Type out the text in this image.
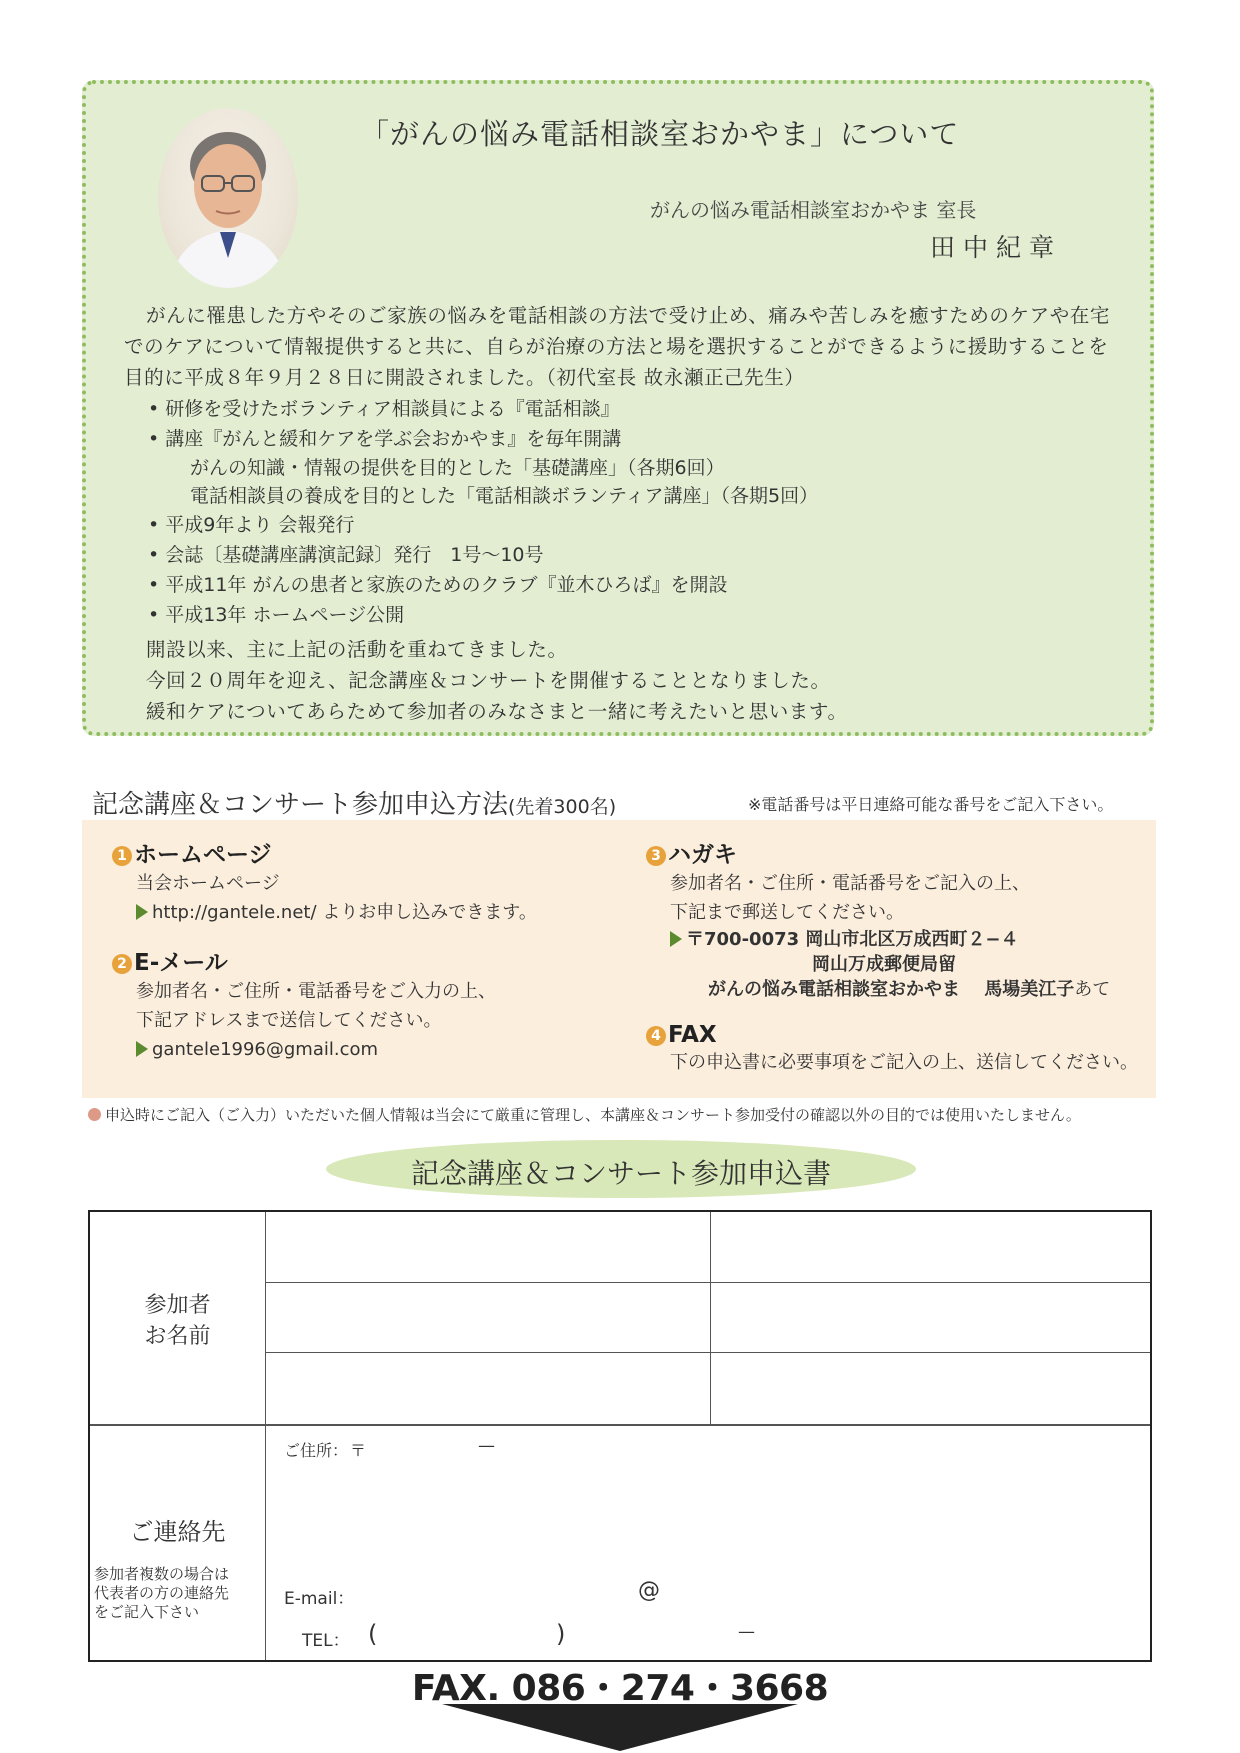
「がんの悩み電話相談室おかやま」について
がんの悩み電話相談室おかやま 室長
田中紀章
がんに罹患した方やそのご家族の悩みを電話相談の方法で受け止め、痛みや苦しみを癒すためのケアや在宅でのケアについて情報提供すると共に、自らが治療の方法と場を選択することができるように援助することを目的に平成８年９月２８日に開設されました。（初代室長 故永瀬正己先生）
• 研修を受けたボランティア相談員による『電話相談』
• 講座『がんと緩和ケアを学ぶ会おかやま』を毎年開講
がんの知識・情報の提供を目的とした「基礎講座」（各期6回）
電話相談員の養成を目的とした「電話相談ボランティア講座」（各期5回）
• 平成9年より 会報発行
• 会誌〔基礎講座講演記録〕発行　1号～10号
• 平成11年 がんの患者と家族のためのクラブ『並木ひろば』を開設
• 平成13年 ホームページ公開
開設以来、主に上記の活動を重ねてきました。
今回２０周年を迎え、記念講座＆コンサートを開催することとなりました。
緩和ケアについてあらためて参加者のみなさまと一緒に考えたいと思います。
記念講座＆コンサート参加申込方法(先着300名)	※電話番号は平日連絡可能な番号をご記入下さい。
1 ホームページ
当会ホームページ
http://gantele.net/ よりお申し込みできます。
2 E-メール
参加者名・ご住所・電話番号をご入力の上、
下記アドレスまで送信してください。
gantele1996@gmail.com
3 ハガキ
参加者名・ご住所・電話番号をご記入の上、
下記まで郵送してください。
〒700-0073 岡山市北区万成西町２−４
岡山万成郵便局留
がんの悩み電話相談室おかやま　 馬場美江子あて
4 FAX
下の申込書に必要事項をご記入の上、送信してください。
申込時にご記入（ご入力）いただいた個人情報は当会にて厳重に管理し、本講座＆コンサート参加受付の確認以外の目的では使用いたしません。
記念講座＆コンサート参加申込書
参加者
お名前
ご連絡先
参加者複数の場合は
代表者の方の連絡先
をご記入下さい
ご住所： 〒	—
E-mail：	@
TEL： (	)	—
FAX. 086・274・3668
